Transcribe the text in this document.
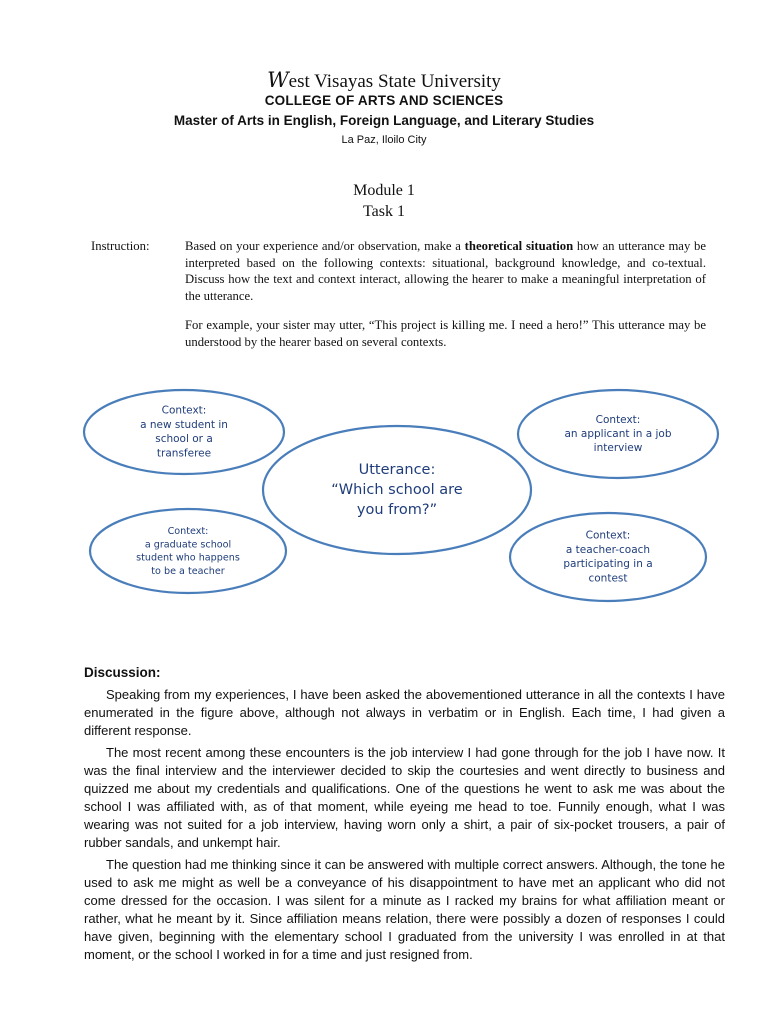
West Visayas State University
COLLEGE OF ARTS AND SCIENCES
Master of Arts in English, Foreign Language, and Literary Studies
La Paz, Iloilo City
Module 1
Task 1
Instruction:	Based on your experience and/or observation, make a theoretical situation how an utterance may be interpreted based on the following contexts: situational, background knowledge, and co-textual. Discuss how the text and context interact, allowing the hearer to make a meaningful interpretation of the utterance.

For example, your sister may utter, “This project is killing me. I need a hero!” This utterance may be understood by the hearer based on several contexts.

Utterance:
“Which school are
you from?”
Context:
a new student in
school or a
transferee
Context:
an applicant in a job
interview
Context:
a graduate school
student who happens
to be a teacher
Context:
a teacher-coach
participating in a
contest
Discussion:

Speaking from my experiences, I have been asked the abovementioned utterance in all the contexts I have enumerated in the figure above, although not always in verbatim or in English. Each time, I had given a different response.

The most recent among these encounters is the job interview I had gone through for the job I have now. It was the final interview and the interviewer decided to skip the courtesies and went directly to business and quizzed me about my credentials and qualifications. One of the questions he went to ask me was about the school I was affiliated with, as of that moment, while eyeing me head to toe. Funnily enough, what I was wearing was not suited for a job interview, having worn only a shirt, a pair of six-pocket trousers, a pair of rubber sandals, and unkempt hair.

The question had me thinking since it can be answered with multiple correct answers. Although, the tone he used to ask me might as well be a conveyance of his disappointment to have met an applicant who did not come dressed for the occasion. I was silent for a minute as I racked my brains for what affiliation meant or rather, what he meant by it. Since affiliation means relation, there were possibly a dozen of responses I could have given, beginning with the elementary school I graduated from the university I was enrolled in at that moment, or the school I worked in for a time and just resigned from.
